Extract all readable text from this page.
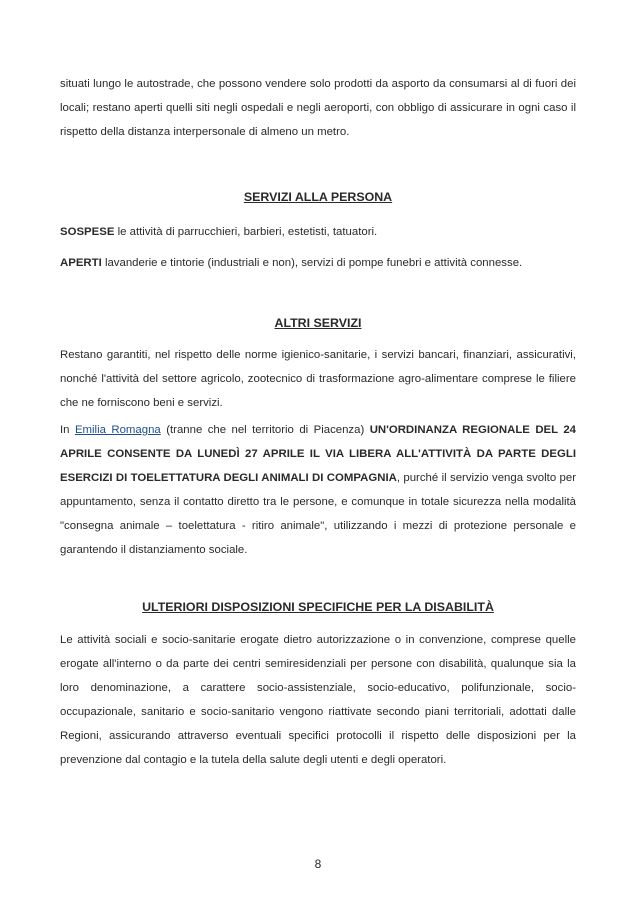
situati lungo le autostrade, che possono vendere solo prodotti da asporto da consumarsi al di fuori dei locali; restano aperti quelli siti negli ospedali e negli aeroporti, con obbligo di assicurare in ogni caso il rispetto della distanza interpersonale di almeno un metro.

SERVIZI ALLA PERSONA

SOSPESE le attività di parrucchieri, barbieri, estetisti, tatuatori.

APERTI lavanderie e tintorie (industriali e non), servizi di pompe funebri e attività connesse.

ALTRI SERVIZI

Restano garantiti, nel rispetto delle norme igienico-sanitarie, i servizi bancari, finanziari, assicurativi, nonché l'attività del settore agricolo, zootecnico di trasformazione agro-alimentare comprese le filiere che ne forniscono beni e servizi.

In Emilia Romagna (tranne che nel territorio di Piacenza) UN'ORDINANZA REGIONALE DEL 24 APRILE CONSENTE DA LUNEDÌ 27 APRILE IL VIA LIBERA ALL'ATTIVITÀ DA PARTE DEGLI ESERCIZI DI TOELETTATURA DEGLI ANIMALI DI COMPAGNIA, purché il servizio venga svolto per appuntamento, senza il contatto diretto tra le persone, e comunque in totale sicurezza nella modalità "consegna animale – toelettatura - ritiro animale", utilizzando i mezzi di protezione personale e garantendo il distanziamento sociale.

ULTERIORI DISPOSIZIONI SPECIFICHE PER LA DISABILITÀ

Le attività sociali e socio-sanitarie erogate dietro autorizzazione o in convenzione, comprese quelle erogate all'interno o da parte dei centri semiresidenziali per persone con disabilità, qualunque sia la loro denominazione, a carattere socio-assistenziale, socio-educativo, polifunzionale, socio-occupazionale, sanitario e socio-sanitario vengono riattivate secondo piani territoriali, adottati dalle Regioni, assicurando attraverso eventuali specifici protocolli il rispetto delle disposizioni per la prevenzione dal contagio e la tutela della salute degli utenti e degli operatori.

8
